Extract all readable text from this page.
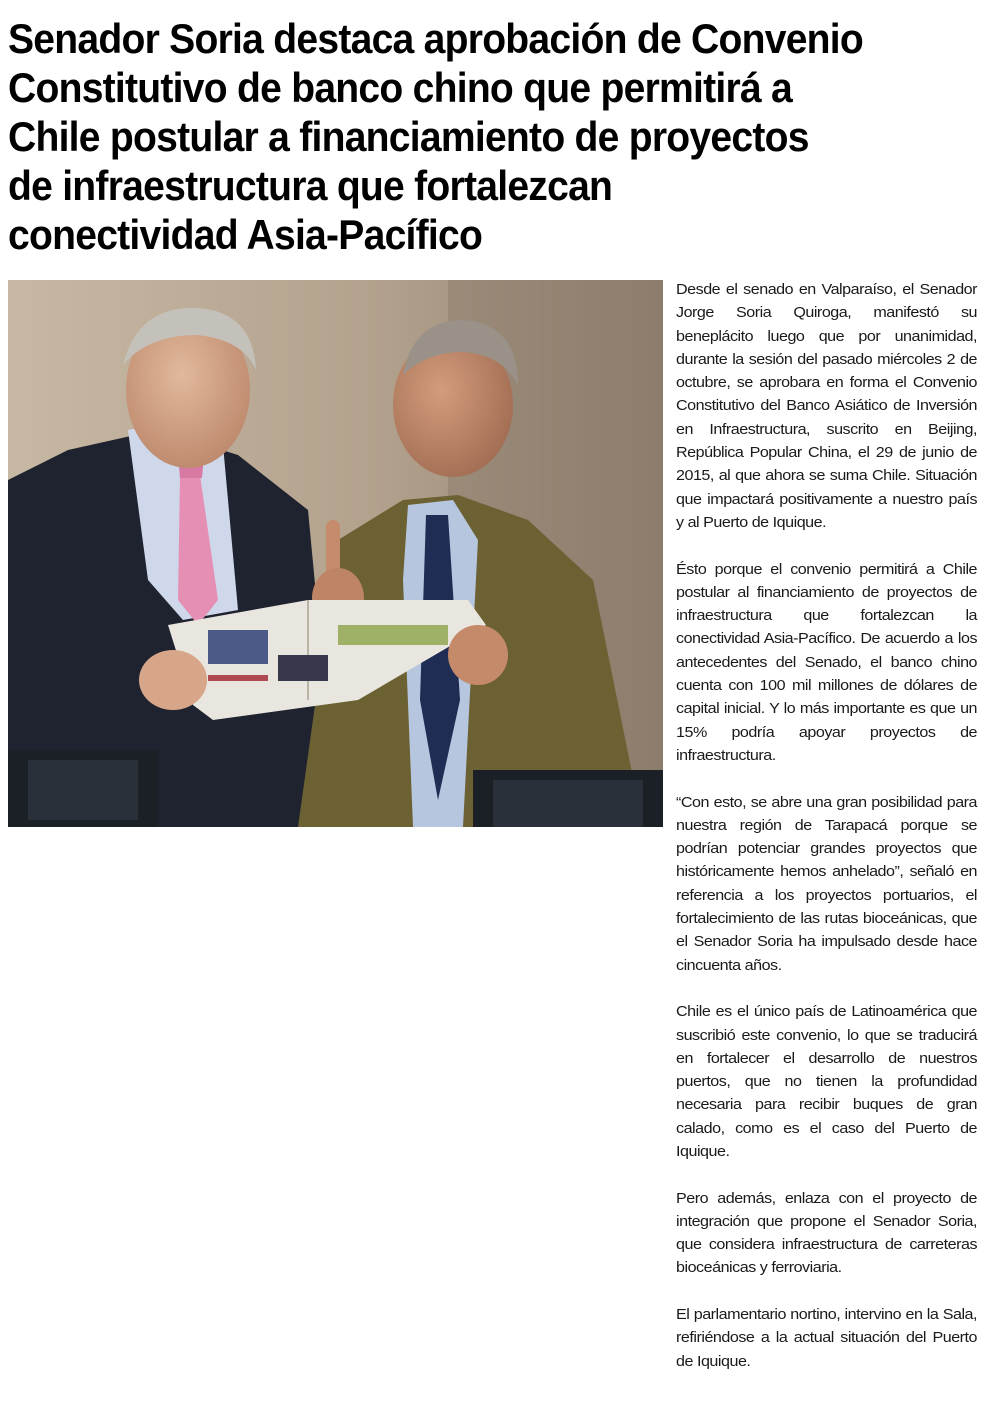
Senador Soria destaca aprobación de Convenio
Constitutivo de banco chino que permitirá a
Chile postular a financiamiento de proyectos
de infraestructura que fortalezcan
conectividad Asia-Pacífico

Desde el senado en Valparaíso, el Senador Jorge Soria Quiroga, manifestó su beneplácito luego que por unanimidad, durante la sesión del pasado miércoles 2 de octubre, se aprobara en forma el Convenio Constitutivo del Banco Asiático de Inversión en Infraestructura, suscrito en Beijing, República Popular China, el 29 de junio de 2015, al que ahora se suma Chile. Situación que impactará positivamente a nuestro país y al Puerto de Iquique.

Ésto porque el convenio permitirá a Chile postular al financiamiento de proyectos de infraestructura que fortalezcan la conectividad Asia-Pacífico. De acuerdo a los antecedentes del Senado, el banco chino cuenta con 100 mil millones de dólares de capital inicial. Y lo más importante es que un 15% podría apoyar proyectos de infraestructura.

“Con esto, se abre una gran posibilidad para nuestra región de Tarapacá porque se podrían potenciar grandes proyectos que históricamente hemos anhelado”, señaló en referencia a los proyectos portuarios, el fortalecimiento de las rutas bioceánicas, que el Senador Soria ha impulsado desde hace cincuenta años.

Chile es el único país de Latinoamérica que suscribió este convenio, lo que se traducirá en fortalecer el desarrollo de nuestros puertos, que no tienen la profundidad necesaria para recibir buques de gran calado, como es el caso del Puerto de Iquique.

Pero además, enlaza con el proyecto de integración que propone el Senador Soria, que considera infraestructura de carreteras bioceánicas y ferroviaria.

El parlamentario nortino, intervino en la Sala, refiriéndose a la actual situación del Puerto de Iquique.
